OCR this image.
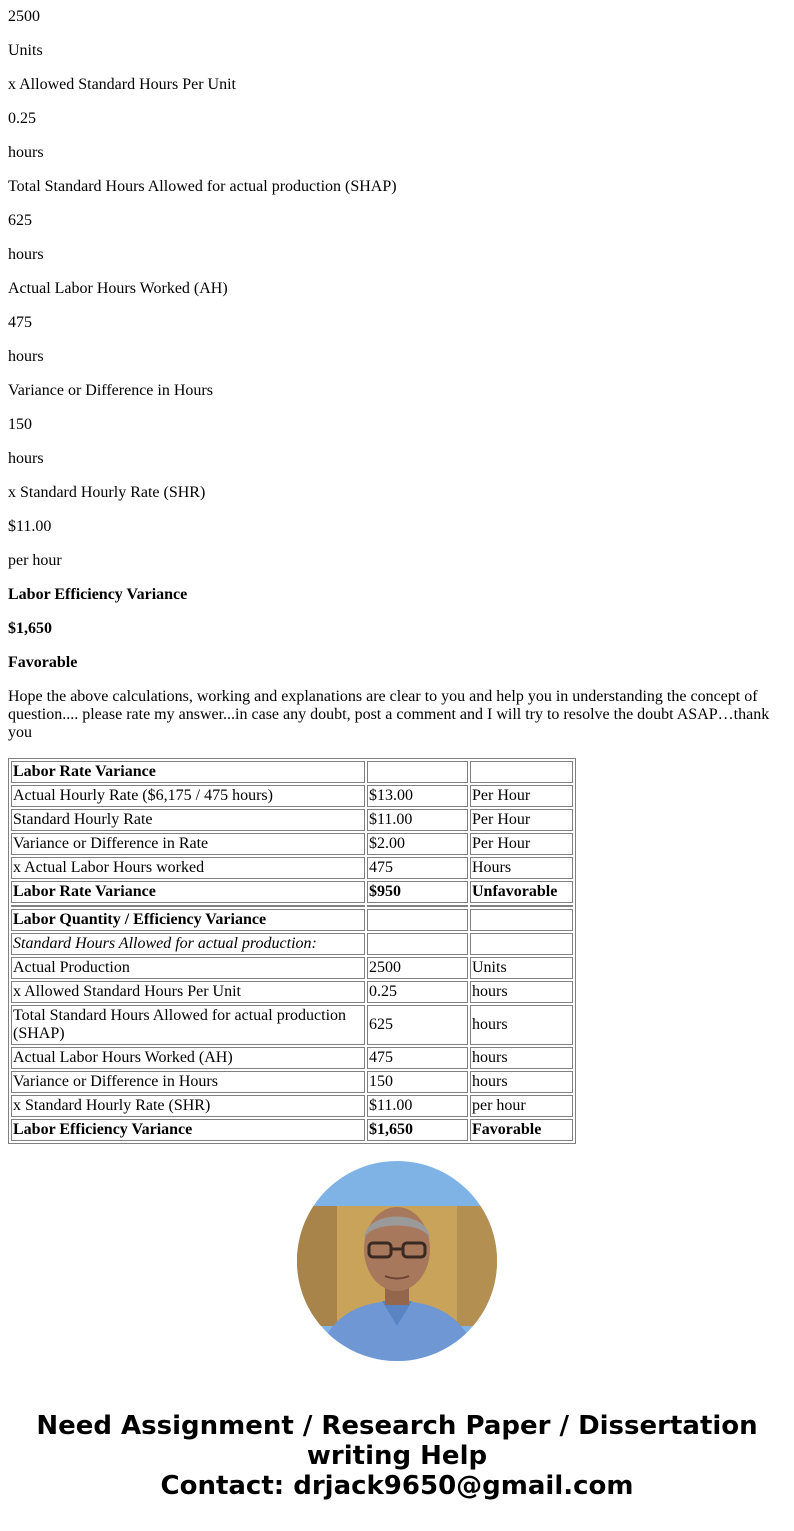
2500

Units

x Allowed Standard Hours Per Unit

0.25

hours

Total Standard Hours Allowed for actual production (SHAP)

625

hours

Actual Labor Hours Worked (AH)

475

hours

Variance or Difference in Hours

150

hours

x Standard Hourly Rate (SHR)

$11.00

per hour

Labor Efficiency Variance

$1,650

Favorable

Hope the above calculations, working and explanations are clear to you and help you in understanding the concept of question.... please rate my answer...in case any doubt, post a comment and I will try to resolve the doubt ASAP…thank you

Labor Rate Variance		
Actual Hourly Rate ($6,175 / 475 hours)	$13.00	Per Hour
Standard Hourly Rate	$11.00	Per Hour
Variance or Difference in Rate	$2.00	Per Hour
x Actual Labor Hours worked	475	Hours
Labor Rate Variance	$950	Unfavorable

Labor Quantity / Efficiency Variance		
Standard Hours Allowed for actual production:		
Actual Production	2500	Units
x Allowed Standard Hours Per Unit	0.25	hours
Total Standard Hours Allowed for actual production (SHAP)	625	hours
Actual Labor Hours Worked (AH)	475	hours
Variance or Difference in Hours	150	hours
x Standard Hourly Rate (SHR)	$11.00	per hour
Labor Efficiency Variance	$1,650	Favorable
Need Assignment / Research Paper / Dissertation writing Help
Contact: drjack9650@gmail.com
